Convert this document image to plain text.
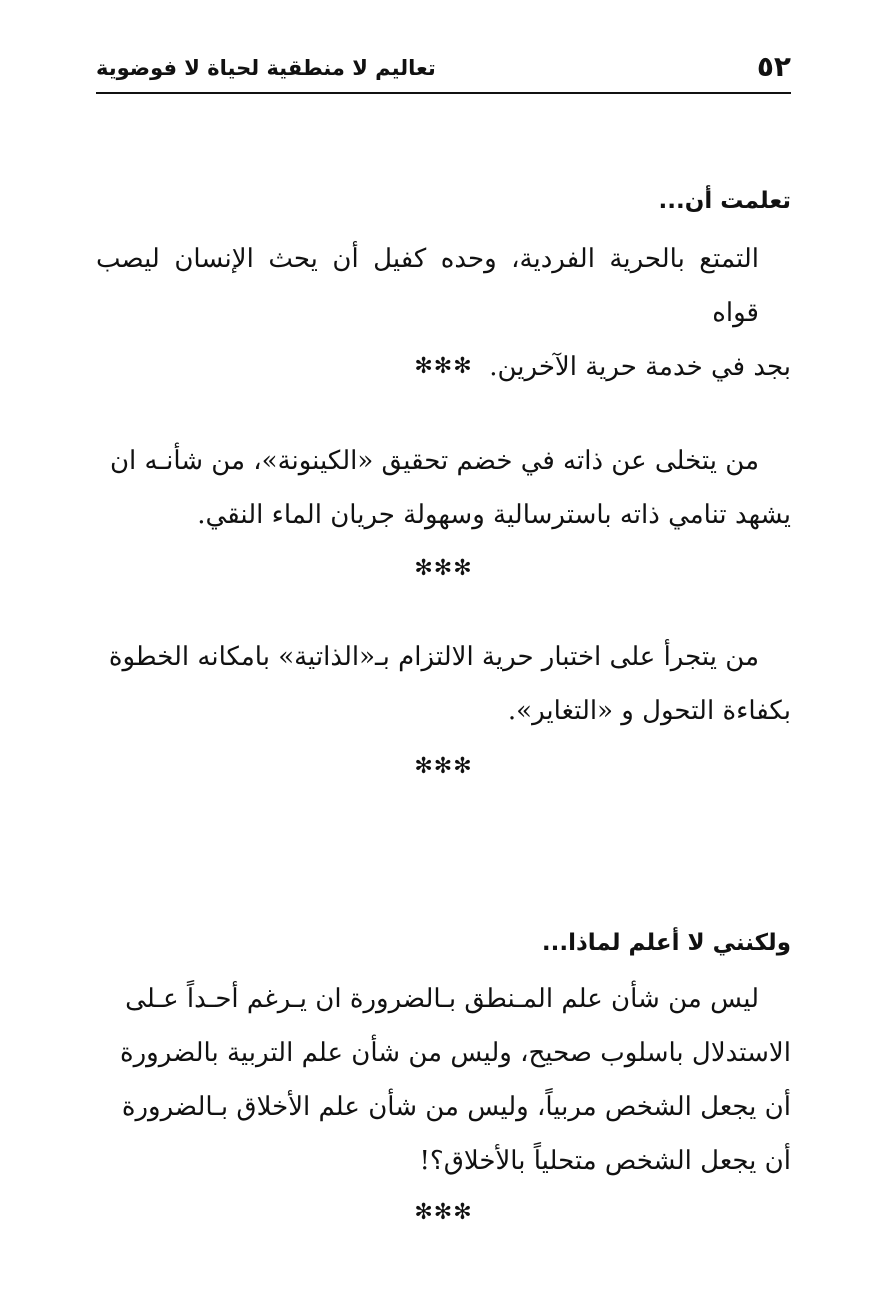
٥٢
تعاليم لا منطقية لحياة لا فوضوية
تعلمت أن...
التمتع بالحرية الفردية، وحده كفيل أن يحث الإنسان ليصب قواه
بجد في خدمة حرية الآخرين.
✻✻✻
من يتخلى عن ذاته في خضم تحقيق «الكينونة»، من شأنـه ان
يشهد تنامي ذاته باسترسالية وسهولة جريان الماء النقي.
✻✻✻
من يتجرأ على اختبار حرية الالتزام بـ«الذاتية» بامكانه الخطوة
بكفاءة التحول و «التغاير».
✻✻✻
ولكنني لا أعلم لماذا...
ليس من شأن علم المـنطق بـالضرورة ان يـرغم أحـداً عـلى
الاستدلال باسلوب صحيح، وليس من شأن علم التربية بالضرورة
أن يجعل الشخص مربياً، وليس من شأن علم الأخلاق بـالضرورة
أن يجعل الشخص متحلياً بالأخلاق؟!
✻✻✻
